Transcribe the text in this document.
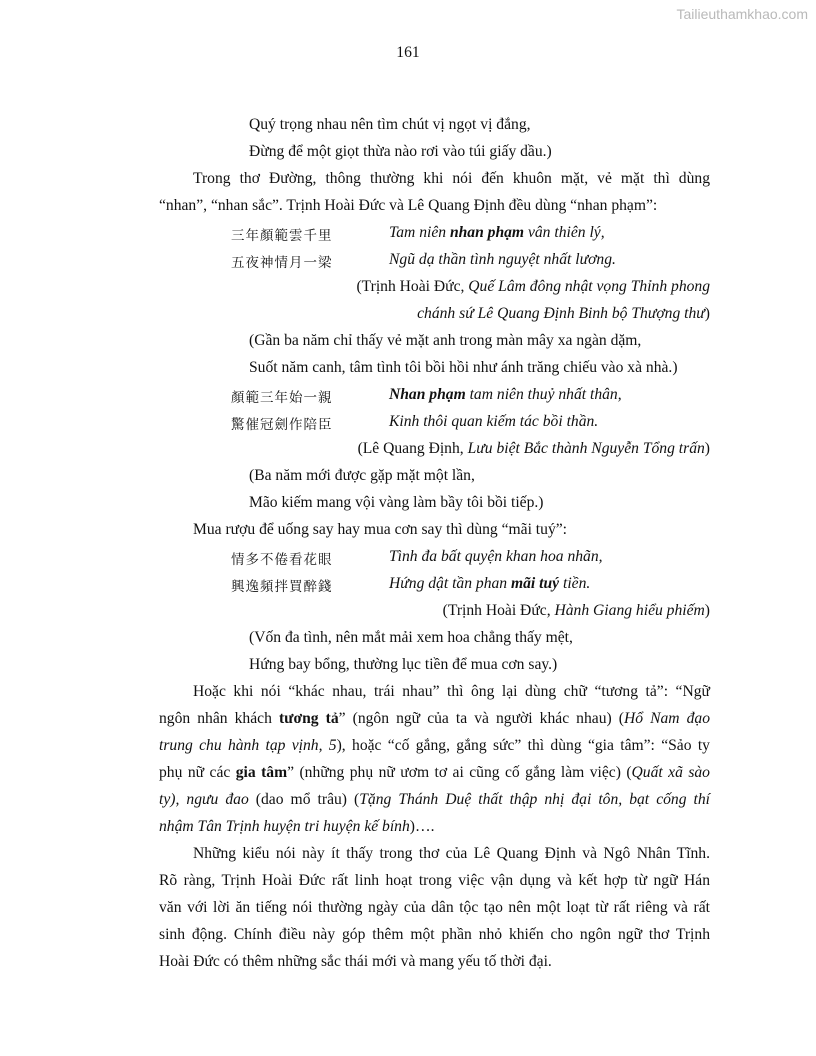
Tailieuthamkhao.com
161
Quý trọng nhau nên tìm chút vị ngọt vị đắng,
Đừng để một giọt thừa nào rơi vào túi giấy dầu.)
Trong thơ Đường, thông thường khi nói đến khuôn mặt, vẻ mặt thì dùng
“nhan”, “nhan sắc”. Trịnh Hoài Đức và Lê Quang Định đều dùng “nhan phạm”:
三年顏範雲千里	Tam niên nhan phạm vân thiên lý,
五夜神情月一梁	Ngũ dạ thần tình nguyệt nhất lương.
(Trịnh Hoài Đức, Quế Lâm đông nhật vọng Thỉnh phong
chánh sứ Lê Quang Định Binh bộ Thượng thư)
(Gần ba năm chỉ thấy vẻ mặt anh trong màn mây xa ngàn dặm,
Suốt năm canh, tâm tình tôi bồi hồi như ánh trăng chiếu vào xà nhà.)
顏範三年始一親	Nhan phạm tam niên thuỷ nhất thân,
驚催冠劍作陪臣	Kinh thôi quan kiếm tác bồi thần.
(Lê Quang Định, Lưu biệt Bắc thành Nguyễn Tổng trấn)
(Ba năm mới được gặp mặt một lần,
Mão kiếm mang vội vàng làm bầy tôi bồi tiếp.)
Mua rượu để uống say hay mua cơn say thì dùng “mãi tuý”:
情多不倦看花眼	Tình đa bất quyện khan hoa nhãn,
興逸頻拌買醉錢	Hứng dật tần phan mãi tuý tiền.
(Trịnh Hoài Đức, Hành Giang hiểu phiếm)
(Vốn đa tình, nên mắt mải xem hoa chẳng thấy mệt,
Hứng bay bổng, thường lục tiền để mua cơn say.)
Hoặc khi nói “khác nhau, trái nhau” thì ông lại dùng chữ “tương tả”: “Ngữ
ngôn nhân khách tương tả” (ngôn ngữ của ta và người khác nhau) (Hổ Nam đạo
trung chu hành tạp vịnh, 5), hoặc “cố gắng, gắng sức” thì dùng “gia tâm”: “Sảo ty
phụ nữ các gia tâm” (những phụ nữ ươm tơ ai cũng cố gắng làm việc) (Quất xã sào
ty), ngưu đao (dao mổ trâu) (Tặng Thánh Duệ thất thập nhị đại tôn, bạt cống thí
nhậm Tân Trịnh huyện tri huyện kế bính)….
Những kiểu nói này ít thấy trong thơ của Lê Quang Định và Ngô Nhân Tĩnh.
Rõ ràng, Trịnh Hoài Đức rất linh hoạt trong việc vận dụng và kết hợp từ ngữ Hán
văn với lời ăn tiếng nói thường ngày của dân tộc tạo nên một loạt từ rất riêng và rất
sinh động. Chính điều này góp thêm một phần nhỏ khiến cho ngôn ngữ thơ Trịnh
Hoài Đức có thêm những sắc thái mới và mang yếu tố thời đại.
